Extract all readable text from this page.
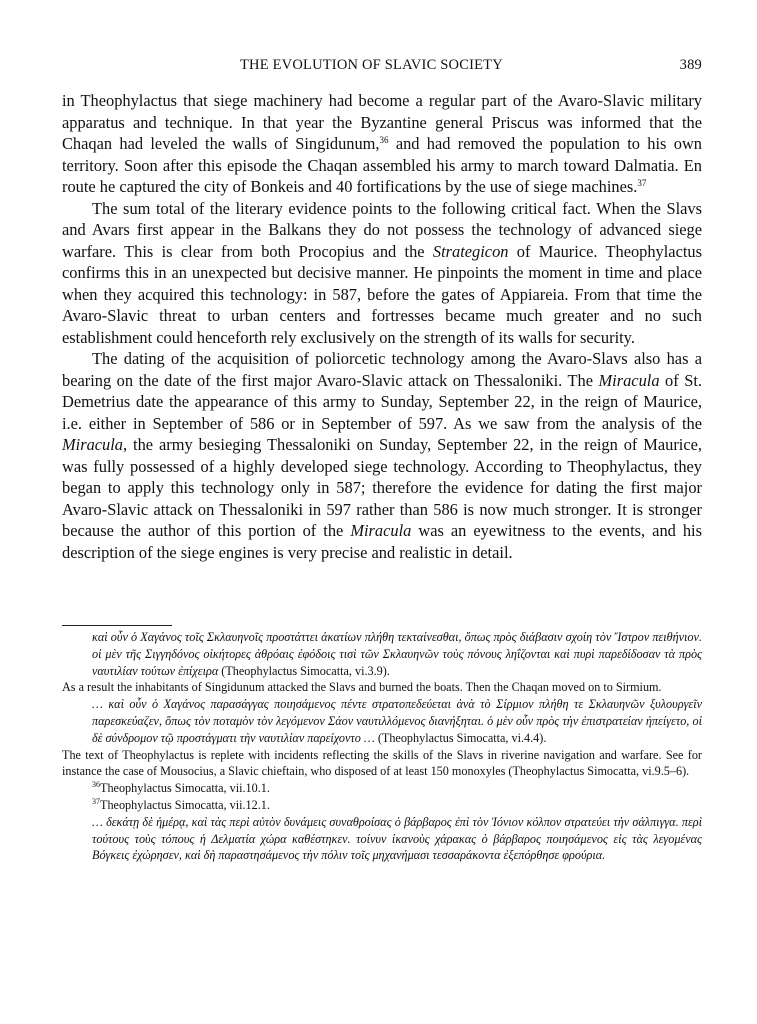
THE EVOLUTION OF SLAVIC SOCIETY	389

in Theophylactus that siege machinery had become a regular part of the Avaro-Slavic military apparatus and technique. In that year the Byzantine general Priscus was informed that the Chaqan had leveled the walls of Singidunum,$^{36}$ and had removed the population to his own territory. Soon after this episode the Chaqan assembled his army to march toward Dalmatia. En route he captured the city of Bonkeis and 40 fortifications by the use of siege machines.$^{37}$

The sum total of the literary evidence points to the following critical fact. When the Slavs and Avars first appear in the Balkans they do not possess the technology of advanced siege warfare. This is clear from both Procopius and the Strategicon of Maurice. Theophylactus confirms this in an unexpected but decisive manner. He pinpoints the moment in time and place when they acquired this technology: in 587, before the gates of Appiareia. From that time the Avaro-Slavic threat to urban centers and fortresses became much greater and no such establishment could henceforth rely exclusively on the strength of its walls for security.

The dating of the acquisition of poliorcetic technology among the Avaro-Slavs also has a bearing on the date of the first major Avaro-Slavic attack on Thessaloniki. The Miracula of St. Demetrius date the appearance of this army to Sunday, September 22, in the reign of Maurice, i.e. either in September of 586 or in September of 597. As we saw from the analysis of the Miracula, the army besieging Thessaloniki on Sunday, September 22, in the reign of Maurice, was fully possessed of a highly developed siege technology. According to Theophylactus, they began to apply this technology only in 587; therefore the evidence for dating the first major Avaro-Slavic attack on Thessaloniki in 597 rather than 586 is now much stronger. It is stronger because the author of this portion of the Miracula was an eyewitness to the events, and his description of the siege engines is very precise and realistic in detail.

καὶ οὖν ὁ Χαγάνος τοῖς Σκλαυηνοῖς προστάττει ἀκατίων πλήθη τεκταίνεσθαι, ὅπως πρὸς διάβασιν σχοίη τὸν Ἴστρον πειθήνιον. οἱ μὲν τῆς Σιγγηδόνος οἰκήτορες ἀθρόαις ἐφόδοις τισὶ τῶν Σκλαυηνῶν τοὺς πόνους ληΐζονται καὶ πυρὶ παρεδίδοσαν τὰ πρὸς ναυτιλίαν τούτων ἐπίχειρα (Theophylactus Simocatta, vi.3.9).

As a result the inhabitants of Singidunum attacked the Slavs and burned the boats. Then the Chaqan moved on to Sirmium.

… καὶ οὖν ὁ Χαγάνος παρασάγγας ποιησάμενος πέντε στρατοπεδεύεται ἀνὰ τὸ Σίρμιον πλήθη τε Σκλαυηνῶν ξυλουργεῖν παρεσκεύαζεν, ὅπως τὸν ποταμὸν τὸν λεγόμενον Σάον ναυτιλλόμενος διανήξηται. ὁ μὲν οὖν πρὸς τὴν ἐπιστρατείαν ἠπείγετο, οἱ δὲ σύνδρομον τῷ προστάγματι τὴν ναυτιλίαν παρείχοντο … (Theophylactus Simocatta, vi.4.4).

The text of Theophylactus is replete with incidents reflecting the skills of the Slavs in riverine navigation and warfare. See for instance the case of Mousocius, a Slavic chieftain, who disposed of at least 150 monoxyles (Theophylactus Simocatta, vi.9.5–6).

$^{36}$Theophylactus Simocatta, vii.10.1.

$^{37}$Theophylactus Simocatta, vii.12.1.

… δεκάτῃ δὲ ἡμέρᾳ, καὶ τὰς περὶ αὐτὸν δυνάμεις συναθροίσας ὁ βάρβαρος ἐπὶ τὸν Ἰόνιον κόλπον στρατεύει τὴν σάλπιγγα. περὶ τούτους τοὺς τόπους ἡ Δελματία χώρα καθέστηκεν. τοίνυν ἱκανοὺς χάρακας ὁ βάρβαρος ποιησάμενος εἰς τὰς λεγομένας Βόγκεις ἐχώρησεν, καὶ δὴ παραστησάμενος τὴν πόλιν τοῖς μηχανήμασι τεσσαράκοντα ἐξεπόρθησε φρούρια.
